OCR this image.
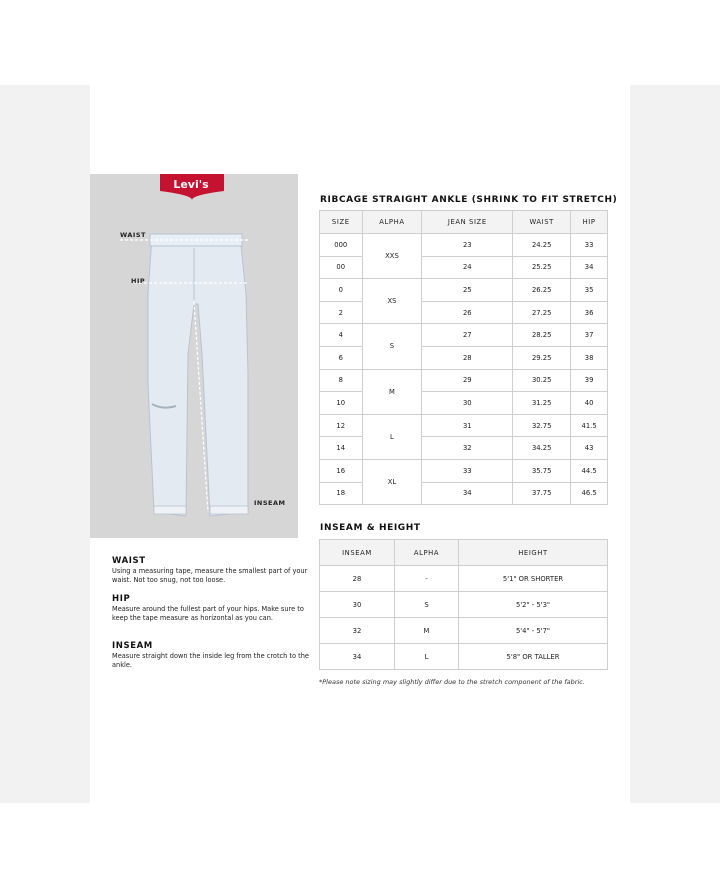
Levi's
WAIST
HIP
INSEAM
WAIST

Using a measuring tape, measure the smallest part of your waist. Not too snug, not too loose.

HIP

Measure around the fullest part of your hips. Make sure to keep the tape measure as horizontal as you can.

INSEAM

Measure straight down the inside leg from the crotch to the ankle.

RIBCAGE STRAIGHT ANKLE (SHRINK TO FIT STRETCH)
SIZE	ALPHA	JEAN SIZE	WAIST	HIP
000	XXS	23	24.25	33
00		24	25.25	34
0	XS	25	26.25	35
2		26	27.25	36
4	S	27	28.25	37
6		28	29.25	38
8	M	29	30.25	39
10		30	31.25	40
12	L	31	32.75	41.5
14		32	34.25	43
16	XL	33	35.75	44.5
18		34	37.75	46.5
INSEAM & HEIGHT
INSEAM	ALPHA	HEIGHT
28	-	5'1" OR SHORTER
30	S	5'2" - 5'3"
32	M	5'4" - 5'7"
34	L	5'8" OR TALLER
*Please note sizing may slightly differ due to the stretch component of the fabric.
